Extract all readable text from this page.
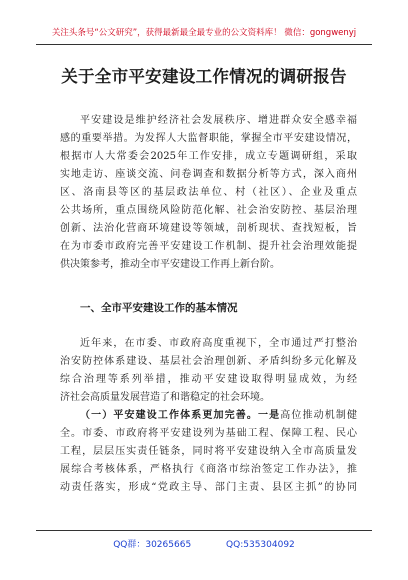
关注头条号“公文研究”，获得最新最全最专业的公文资料库！ 微信：gongwenyj
关于全市平安建设工作情况的调研报告
平安建设是维护经济社会发展秩序、增进群众安全感幸福
感的重要举措。为发挥人大监督职能，掌握全市平安建设情况，
根据市人大常委会2025年工作安排，成立专题调研组，采取
实地走访、座谈交流、问卷调查和数据分析等方式，深入商州
区、洛南县等区的基层政法单位、村（社区）、企业及重点
公共场所，重点围绕风险防范化解、社会治安防控、基层治理
创新、法治化营商环境建设等领域，剖析现状、查找短板，旨
在为市委市政府完善平安建设工作机制、提升社会治理效能提
供决策参考，推动全市平安建设工作再上新台阶。
一、全市平安建设工作的基本情况
近年来，在市委、市政府高度重视下，全市通过严打整治
治安防控体系建设、基层社会治理创新、矛盾纠纷多元化解及
综合治理等系列举措，推动平安建设取得明显成效，为经
济社会高质量发展营造了和谐稳定的社会环境。
（一）平安建设工作体系更加完善。一是高位推动机制健
全。市委、市政府将平安建设列为基础工程、保障工程、民心
工程，层层压实责任链条，同时将平安建设纳入全市高质量发
展综合考核体系，严格执行《商洛市综治签定工作办法》，推
动责任落实，形成“党政主导、部门主责、县区主抓”的协同
QQ群：30265665	QQ:535304092
